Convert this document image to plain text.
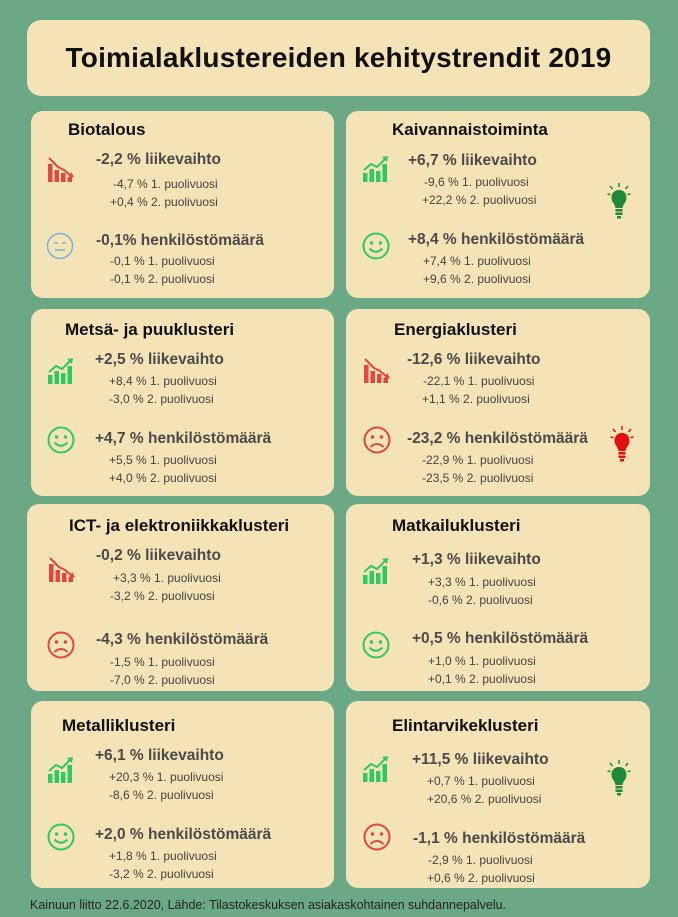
Toimialaklustereiden kehitystrendit 2019
Biotalous
-2,2 % liikevaihto
-4,7 % 1. puolivuosi
+0,4 % 2. puolivuosi
-0,1% henkilöstömäärä
-0,1 % 1. puolivuosi
-0,1 % 2. puolivuosi
Kaivannaistoiminta
+6,7 % liikevaihto
-9,6 % 1. puolivuosi
+22,2 % 2. puolivuosi
+8,4 % henkilöstömäärä
+7,4 % 1. puolivuosi
+9,6 % 2. puolivuosi
Metsä- ja puuklusteri
+2,5 % liikevaihto
+8,4 % 1. puolivuosi
-3,0 % 2. puolivuosi
+4,7 % henkilöstömäärä
+5,5 % 1. puolivuosi
+4,0 % 2. puolivuosi
Energiaklusteri
-12,6 % liikevaihto
-22,1 % 1. puolivuosi
+1,1 % 2. puolivuosi
-23,2 % henkilöstömäärä
-22,9 % 1. puolivuosi
-23,5 % 2. puolivuosi
ICT- ja elektroniikkaklusteri
-0,2 % liikevaihto
+3,3 % 1. puolivuosi
-3,2 % 2. puolivuosi
-4,3 % henkilöstömäärä
-1,5 % 1. puolivuosi
-7,0 % 2. puolivuosi
Matkailuklusteri
+1,3 % liikevaihto
+3,3 % 1. puolivuosi
-0,6 % 2. puolivuosi
+0,5 % henkilöstömäärä
+1,0 % 1. puolivuosi
+0,1 % 2. puolivuosi
Metalliklusteri
+6,1 % liikevaihto
+20,3 % 1. puolivuosi
-8,6 % 2. puolivuosi
+2,0 % henkilöstömäärä
+1,8 % 1. puolivuosi
-3,2 % 2. puolivuosi
Elintarvikeklusteri
+11,5 % liikevaihto
+0,7 % 1. puolivuosi
+20,6 % 2. puolivuosi
-1,1 % henkilöstömäärä
-2,9 % 1. puolivuosi
+0,6 % 2. puolivuosi
Kainuun liitto 22.6.2020, Lähde: Tilastokeskuksen asiakaskohtainen suhdannepalvelu.
